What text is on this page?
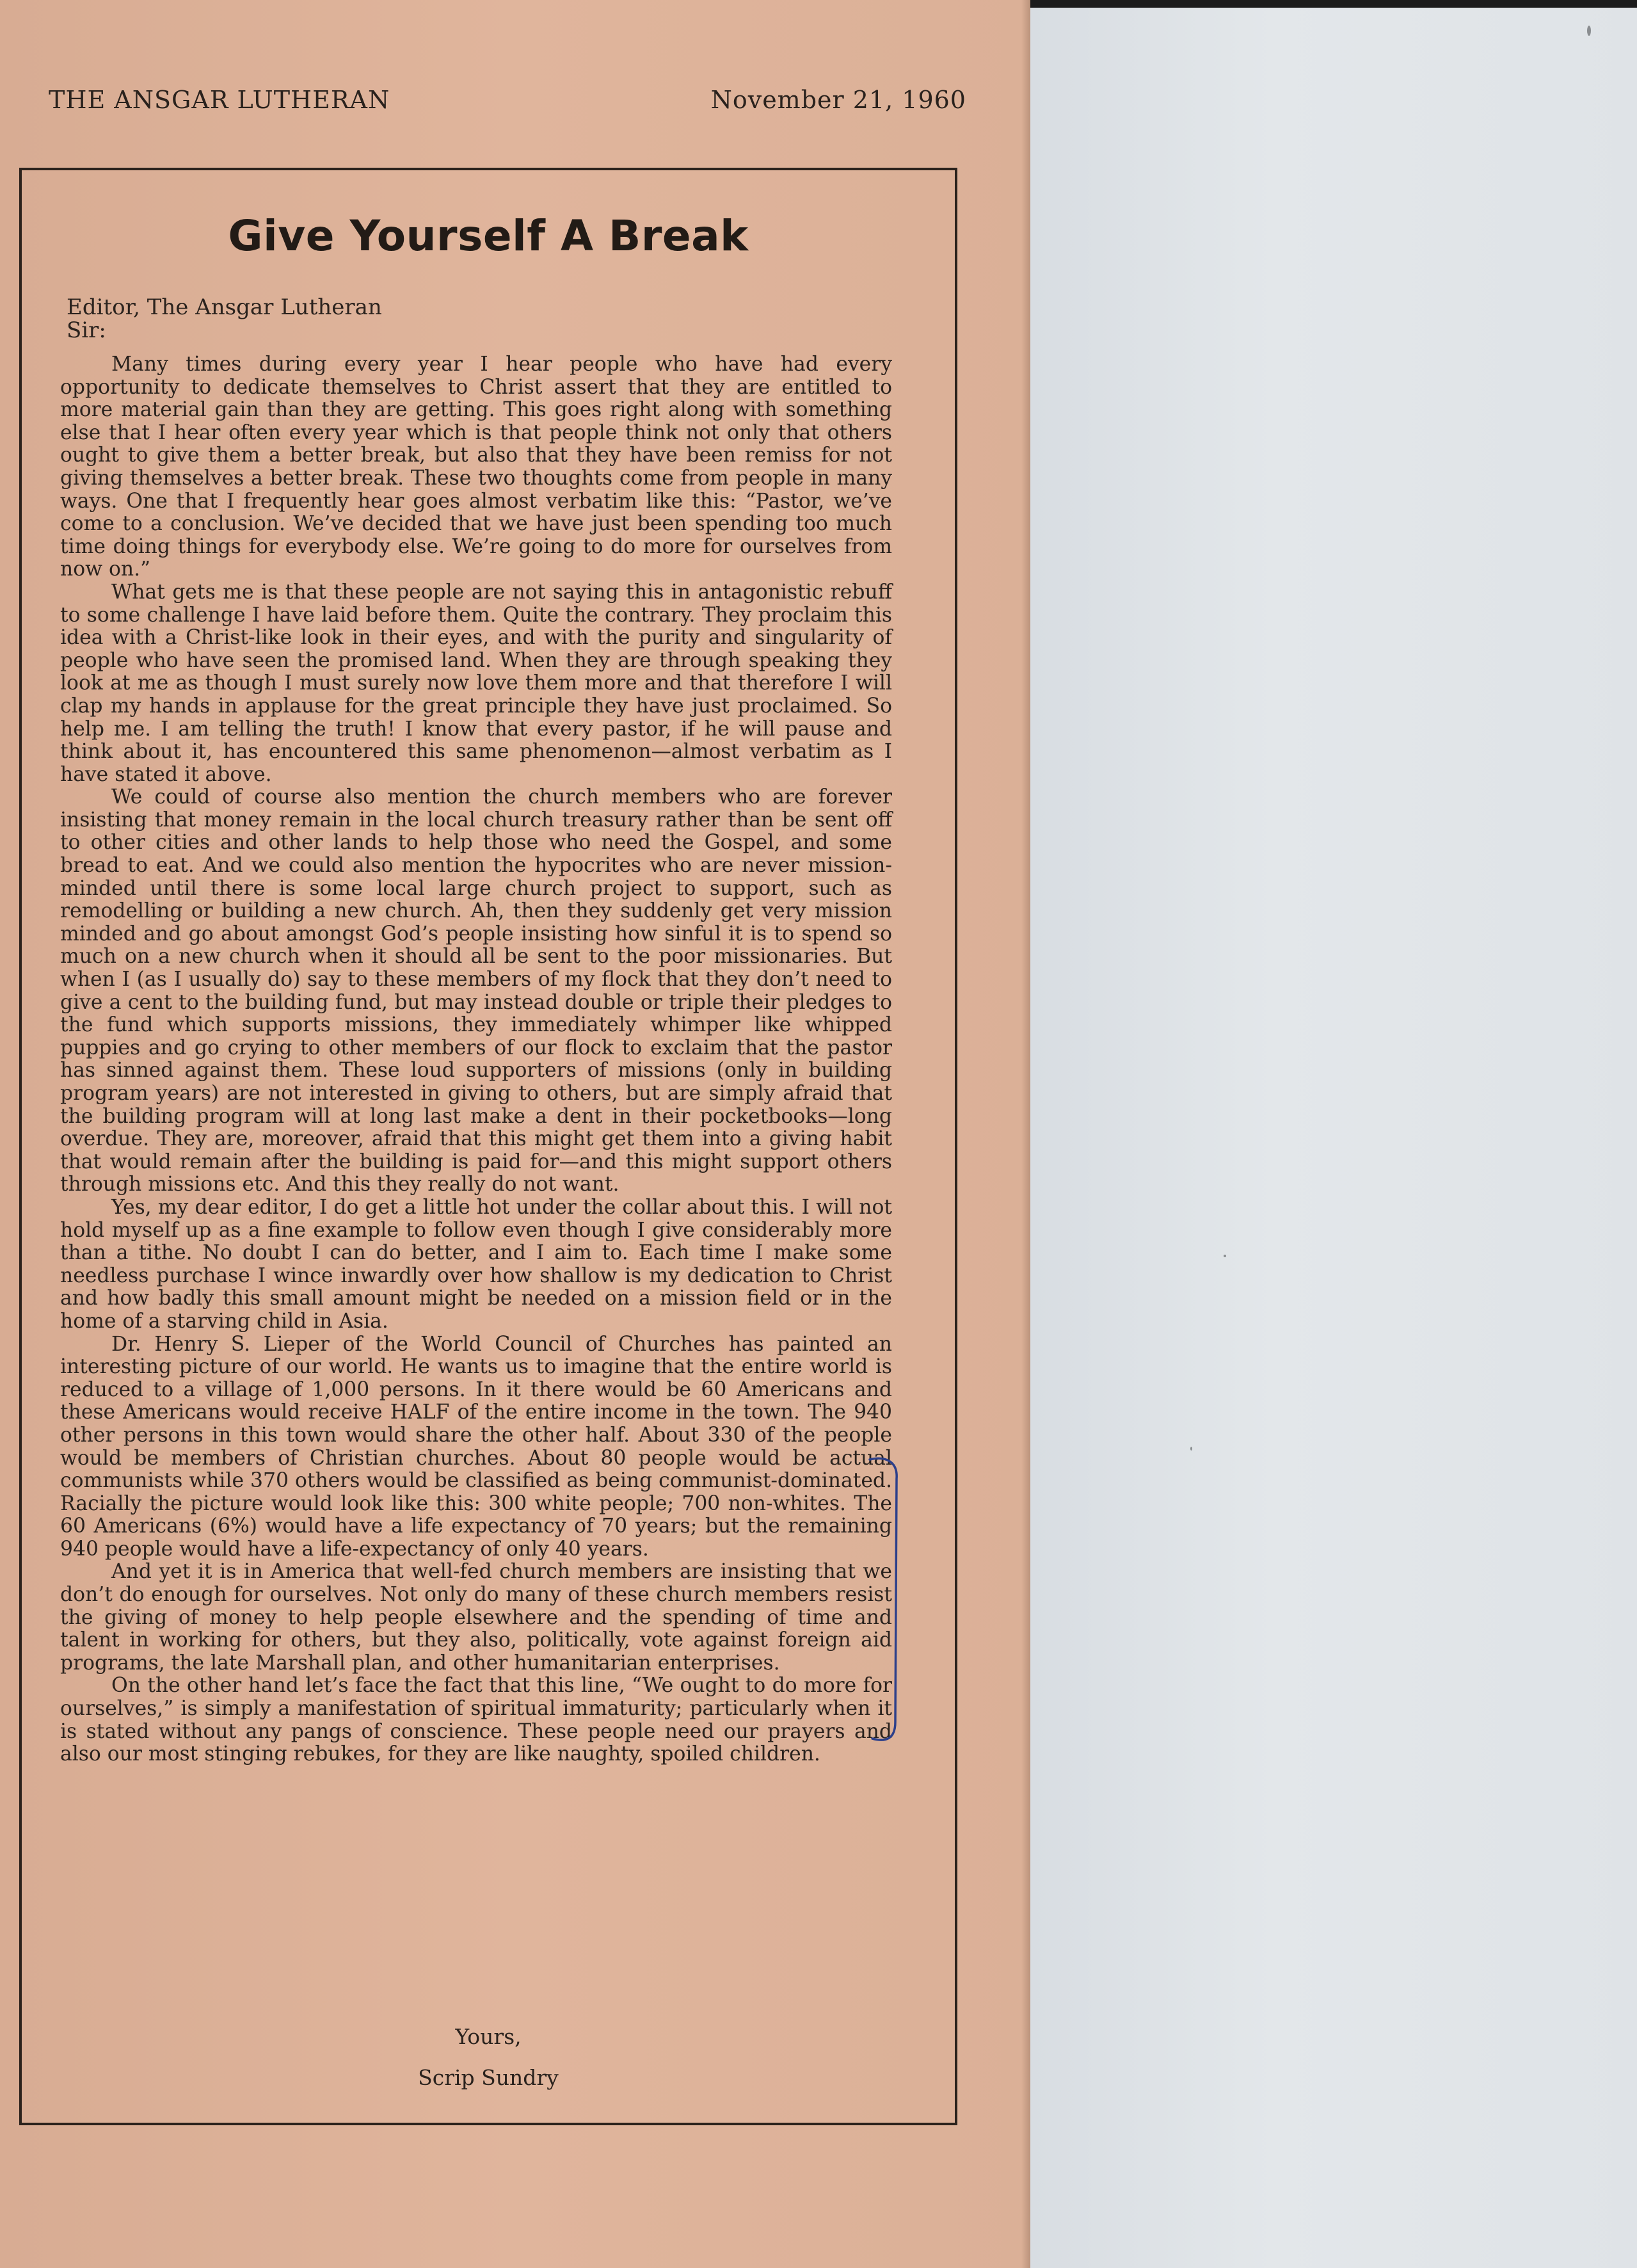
THE ANSGAR LUTHERAN	November 21, 1960
Give Yourself A Break
Editor, The Ansgar Lutheran
Sir:

Many times during every year I hear people who have had every opportunity to dedicate themselves to Christ assert that they are entitled to more material gain than they are getting. This goes right along with something else that I hear often every year which is that people think not only that others ought to give them a better break, but also that they have been remiss for not giving themselves a better break. These two thoughts come from people in many ways. One that I frequently hear goes almost verbatim like this: “Pastor, we’ve come to a conclusion. We’ve decided that we have just been spending too much time doing things for everybody else. We’re going to do more for ourselves from now on.”

What gets me is that these people are not saying this in antagonistic rebuff to some challenge I have laid before them. Quite the contrary. They proclaim this idea with a Christ-like look in their eyes, and with the purity and singularity of people who have seen the promised land. When they are through speaking they look at me as though I must surely now love them more and that therefore I will clap my hands in applause for the great principle they have just proclaimed. So help me. I am telling the truth! I know that every pastor, if he will pause and think about it, has encountered this same phenomenon—almost verbatim as I have stated it above.

We could of course also mention the church members who are forever insisting that money remain in the local church treasury rather than be sent off to other cities and other lands to help those who need the Gospel, and some bread to eat. And we could also mention the hypocrites who are never mission-minded until there is some local large church project to support, such as remodelling or building a new church. Ah, then they suddenly get very mission minded and go about amongst God’s people insisting how sinful it is to spend so much on a new church when it should all be sent to the poor missionaries. But when I (as I usually do) say to these members of my flock that they don’t need to give a cent to the building fund, but may instead double or triple their pledges to the fund which supports missions, they immediately whimper like whipped puppies and go crying to other members of our flock to exclaim that the pastor has sinned against them. These loud supporters of missions (only in building program years) are not interested in giving to others, but are simply afraid that the building program will at long last make a dent in their pocketbooks—long overdue. They are, moreover, afraid that this might get them into a giving habit that would remain after the building is paid for—and this might support others through missions etc. And this they really do not want.

Yes, my dear editor, I do get a little hot under the collar about this. I will not hold myself up as a fine example to follow even though I give considerably more than a tithe. No doubt I can do better, and I aim to. Each time I make some needless purchase I wince inwardly over how shallow is my dedication to Christ and how badly this small amount might be needed on a mission field or in the home of a starving child in Asia.

Dr. Henry S. Lieper of the World Council of Churches has painted an interesting picture of our world. He wants us to imagine that the entire world is reduced to a village of 1,000 persons. In it there would be 60 Americans and these Americans would receive HALF of the entire income in the town. The 940 other persons in this town would share the other half. About 330 of the people would be members of Christian churches. About 80 people would be actual communists while 370 others would be classified as being communist-dominated. Racially the picture would look like this: 300 white people; 700 non-whites. The 60 Americans (6%) would have a life expectancy of 70 years; but the remaining 940 people would have a life-expectancy of only 40 years.

And yet it is in America that well-fed church members are insisting that we don’t do enough for ourselves. Not only do many of these church members resist the giving of money to help people elsewhere and the spending of time and talent in working for others, but they also, politically, vote against foreign aid programs, the late Marshall plan, and other humanitarian enterprises.

On the other hand let’s face the fact that this line, “We ought to do more for ourselves,” is simply a manifestation of spiritual immaturity; particularly when it is stated without any pangs of conscience. These people need our prayers and also our most stinging rebukes, for they are like naughty, spoiled children.

Yours,
Scrip Sundry
